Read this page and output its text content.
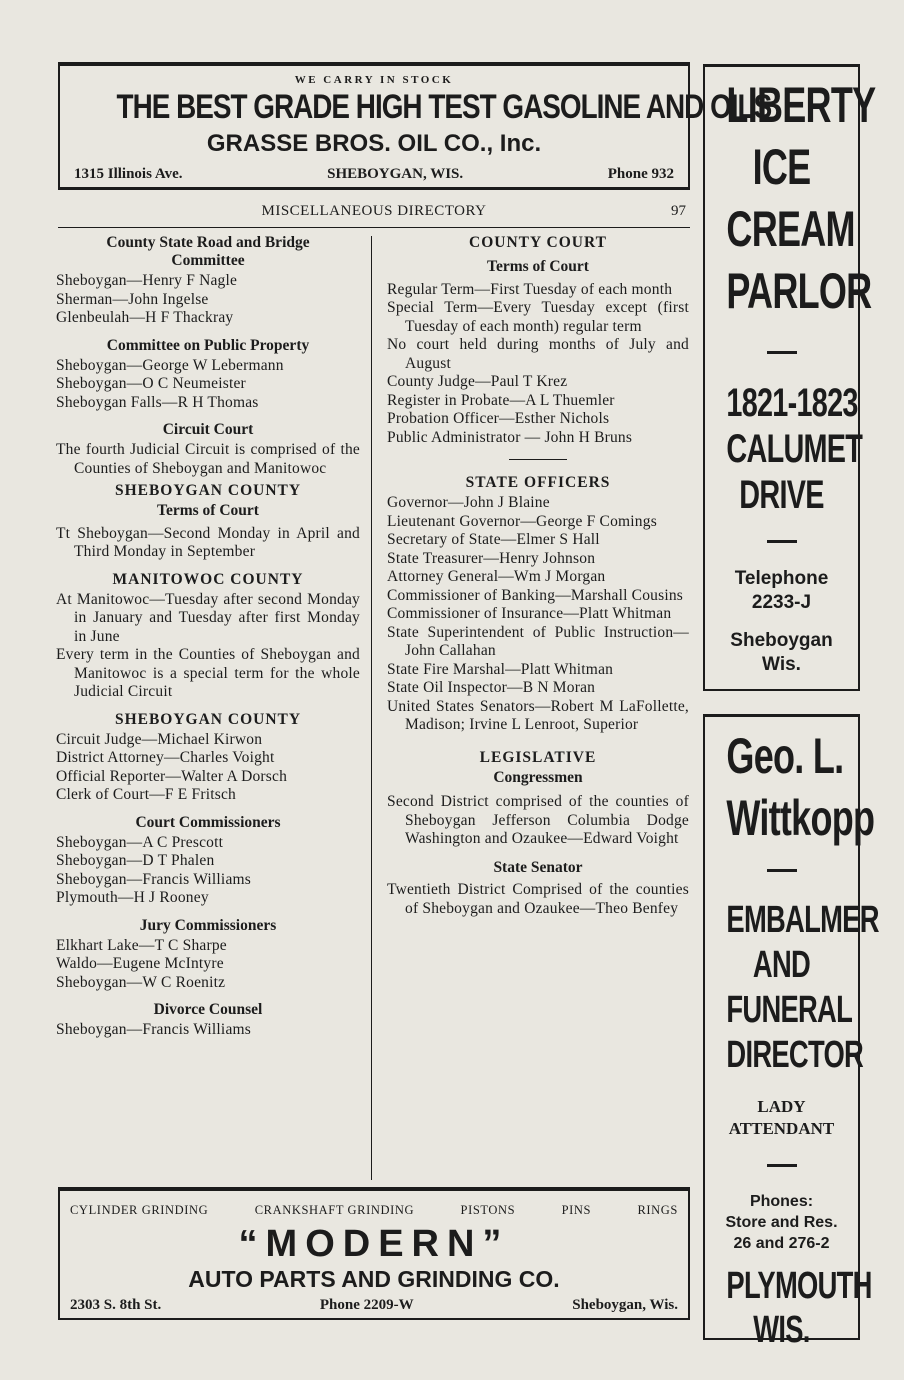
WE CARRY IN STOCK
THE BEST GRADE HIGH TEST GASOLINE AND OILS
GRASSE BROS. OIL CO., Inc.
1315 Illinois Ave.	SHEBOYGAN, WIS.	Phone 932
MISCELLANEOUS DIRECTORY	97
County State Road and Bridge
Committee
Sheboygan—Henry F Nagle
Sherman—John Ingelse
Glenbeulah—H F Thackray
Committee on Public Property
Sheboygan—George W Lebermann
Sheboygan—O C Neumeister
Sheboygan Falls—R H Thomas
Circuit Court
The fourth Judicial Circuit is comprised of the Counties of Sheboygan and Manitowoc
SHEBOYGAN COUNTY
Terms of Court
Tt Sheboygan—Second Monday in April and Third Monday in September
MANITOWOC COUNTY
At Manitowoc—Tuesday after second Monday in January and Tuesday after first Monday in June
Every term in the Counties of Sheboygan and Manitowoc is a special term for the whole Judicial Circuit
SHEBOYGAN COUNTY
Circuit Judge—Michael Kirwon
District Attorney—Charles Voight
Official Reporter—Walter A Dorsch
Clerk of Court—F E Fritsch
Court Commissioners
Sheboygan—A C Prescott
Sheboygan—D T Phalen
Sheboygan—Francis Williams
Plymouth—H J Rooney
Jury Commissioners
Elkhart Lake—T C Sharpe
Waldo—Eugene McIntyre
Sheboygan—W C Roenitz
Divorce Counsel
Sheboygan—Francis Williams
COUNTY COURT
Terms of Court
Regular Term—First Tuesday of each month
Special Term—Every Tuesday except (first Tuesday of each month) regular term
No court held during months of July and August
County Judge—Paul T Krez
Register in Probate—A L Thuemler
Probation Officer—Esther Nichols
Public Administrator — John H Bruns
STATE OFFICERS
Governor—John J Blaine
Lieutenant Governor—George F Comings
Secretary of State—Elmer S Hall
State Treasurer—Henry Johnson
Attorney General—Wm J Morgan
Commissioner of Banking—Marshall Cousins
Commissioner of Insurance—Platt Whitman
State Superintendent of Public Instruction—John Callahan
State Fire Marshal—Platt Whitman
State Oil Inspector—B N Moran
United States Senators—Robert M LaFollette, Madison; Irvine L Lenroot, Superior
LEGISLATIVE
Congressmen
Second District comprised of the counties of Sheboygan Jefferson Columbia Dodge Washington and Ozaukee—Edward Voight
State Senator
Twentieth District Comprised of the counties of Sheboygan and Ozaukee—Theo Benfey
CYLINDER GRINDING	CRANKSHAFT GRINDING	PISTONS	PINS	RINGS
“MODERN”
AUTO PARTS AND GRINDING CO.
2303 S. 8th St.	Phone 2209-W	Sheboygan, Wis.
LIBERTY
ICE
CREAM
PARLOR
1821-1823
CALUMET
DRIVE
Telephone
2233-J
Sheboygan
Wis.
Geo. L.
Wittkopp
EMBALMER
AND
FUNERAL
DIRECTOR
LADY
ATTENDANT
Phones:
Store and Res.
26 and 276-2
PLYMOUTH
WIS.
